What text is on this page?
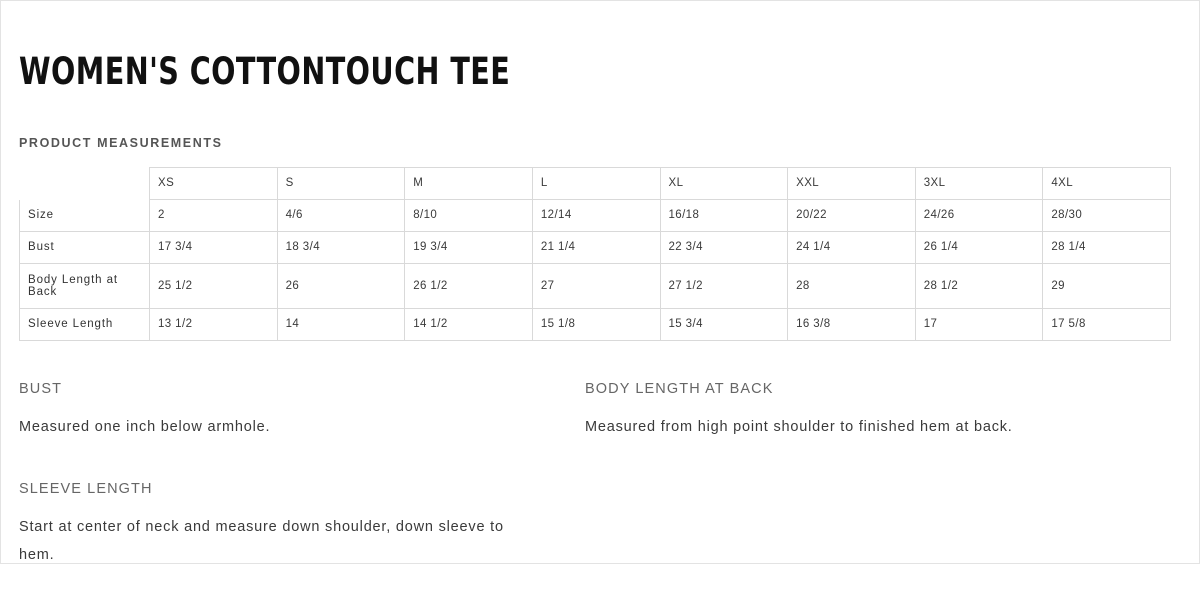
WOMEN'S COTTONTOUCH TEE
PRODUCT MEASUREMENTS
	XS	S	M	L	XL	XXL	3XL	4XL
Size	2	4/6	8/10	12/14	16/18	20/22	24/26	28/30
Bust	17 3/4	18 3/4	19 3/4	21 1/4	22 3/4	24 1/4	26 1/4	28 1/4
Body Length at Back	25 1/2	26	26 1/2	27	27 1/2	28	28 1/2	29
Sleeve Length	13 1/2	14	14 1/2	15 1/8	15 3/4	16 3/8	17	17 5/8
BUST
Measured one inch below armhole.
BODY LENGTH AT BACK
Measured from high point shoulder to finished hem at back.
SLEEVE LENGTH
Start at center of neck and measure down shoulder, down sleeve to hem.
